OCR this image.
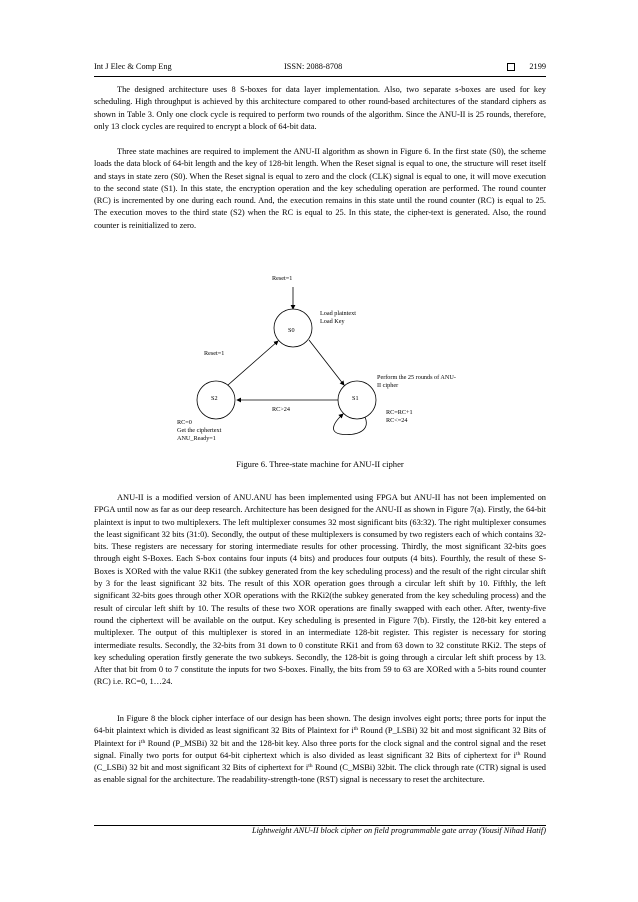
Int J Elec & Comp Eng	ISSN: 2088-8708	2199

The designed architecture uses 8 S-boxes for data layer implementation. Also, two separate s-boxes are used for key scheduling. High throughput is achieved by this architecture compared to other round-based architectures of the standard ciphers as shown in Table 3. Only one clock cycle is required to perform two rounds of the algorithm. Since the ANU-II is 25 rounds, therefore, only 13 clock cycles are required to encrypt a block of 64-bit data.

Three state machines are required to implement the ANU-II algorithm as shown in Figure 6. In the first state (S0), the scheme loads the data block of 64-bit length and the key of 128-bit length. When the Reset signal is equal to one, the structure will reset itself and stays in state zero (S0). When the Reset signal is equal to zero and the clock (CLK) signal is equal to one, it will move execution to the second state (S1). In this state, the encryption operation and the key scheduling operation are performed. The round counter (RC) is incremented by one during each round. And, the execution remains in this state until the round counter (RC) is equal to 25. The execution moves to the third state (S2) when the RC is equal to 25. In this state, the cipher-text is generated. Also, the round counter is reinitialized to zero.

Reset=1
S0
S2	S1
Load plaintext
Load Key
Reset=1
RC>24
Perform the 25 rounds of ANU-
II cipher
RC=RC+1
RC<=24
RC=0
Get the ciphertext
ANU_Ready=1
Figure 6. Three-state machine for ANU-II cipher

ANU-II is a modified version of ANU.ANU has been implemented using FPGA but ANU-II has not been implemented on FPGA until now as far as our deep research. Architecture has been designed for the ANU-II as shown in Figure 7(a). Firstly, the 64-bit plaintext is input to two multiplexers. The left multiplexer consumes 32 most significant bits (63:32). The right multiplexer consumes the least significant 32 bits (31:0). Secondly, the output of these multiplexers is consumed by two registers each of which contains 32-bits. These registers are necessary for storing intermediate results for other processing. Thirdly, the most significant 32-bits goes through eight S-Boxes. Each S-box contains four inputs (4 bits) and produces four outputs (4 bits). Fourthly, the result of these S-Boxes is XORed with the value RKi1 (the subkey generated from the key scheduling process) and the result of the right circular shift by 3 for the least significant 32 bits. The result of this XOR operation goes through a circular left shift by 10. Fifthly, the left significant 32-bits goes through other XOR operations with the RKi2(the subkey generated from the key scheduling process) and the result of circular left shift by 10. The results of these two XOR operations are finally swapped with each other. After, twenty-five round the ciphertext will be available on the output. Key scheduling is presented in Figure 7(b). Firstly, the 128-bit key entered a multiplexer. The output of this multiplexer is stored in an intermediate 128-bit register. This register is necessary for storing intermediate results. Secondly, the 32-bits from 31 down to 0 constitute RKi1 and from 63 down to 32 constitute RKi2. The steps of key scheduling operation firstly generate the two subkeys. Secondly, the 128-bit is going through a circular left shift process by 13. After that bit from 0 to 7 constitute the inputs for two S-boxes. Finally, the bits from 59 to 63 are XORed with a 5-bits round counter (RC) i.e. RC=0, 1…24.

In Figure 8 the block cipher interface of our design has been shown. The design involves eight ports; three ports for input the 64-bit plaintext which is divided as least significant 32 Bits of Plaintext for $i^{th}$ Round (P_LSBi) 32 bit and most significant 32 Bits of Plaintext for $i^{th}$ Round (P_MSBi) 32 bit and the 128-bit key. Also three ports for the clock signal and the control signal and the reset signal. Finally two ports for output 64-bit ciphertext which is also divided as least significant 32 Bits of ciphertext for $i^{th}$ Round (C_LSBi) 32 bit and most significant 32 Bits of ciphertext for $i^{th}$ Round (C_MSBi) 32bit. The click through rate (CTR) signal is used as enable signal for the architecture. The readability-strength-tone (RST) signal is necessary to reset the architecture.

Lightweight ANU-II block cipher on field programmable gate array (Yousif Nihad Hatif)
